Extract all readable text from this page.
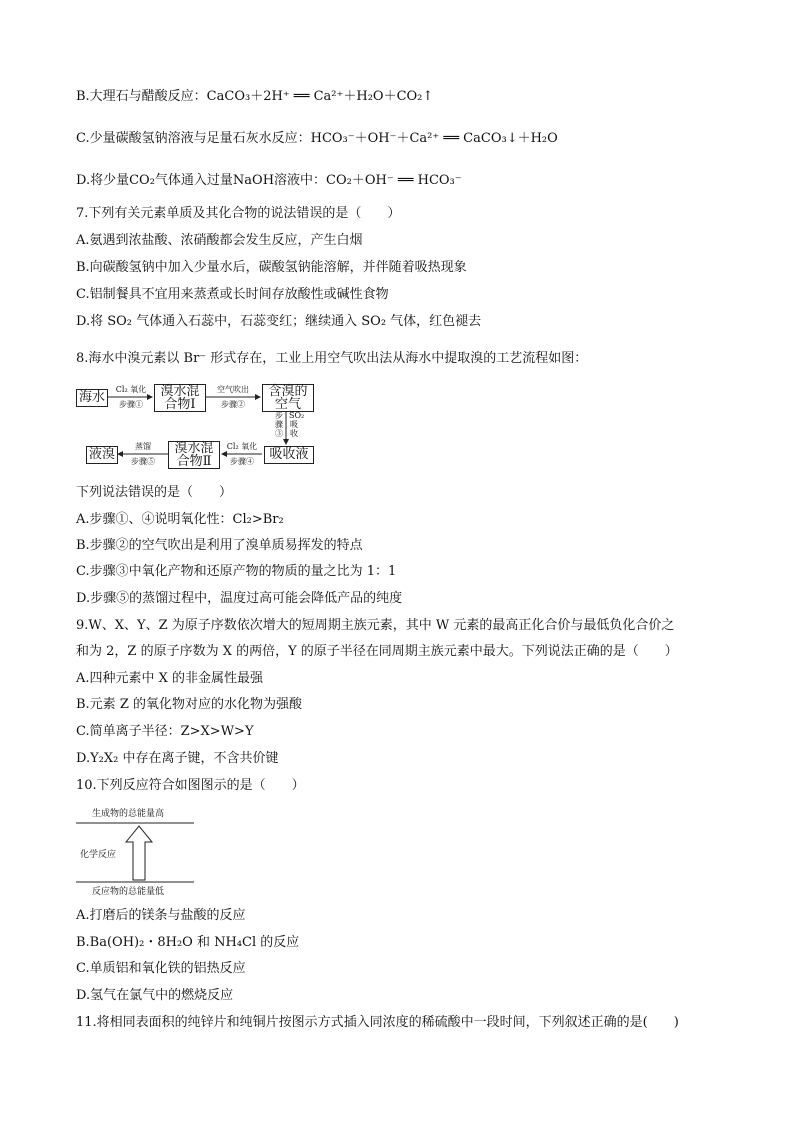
B.大理石与醋酸反应：CaCO₃＋2H⁺ ══ Ca²⁺＋H₂O＋CO₂↑
C.少量碳酸氢钠溶液与足量石灰水反应：HCO₃⁻＋OH⁻＋Ca²⁺ ══ CaCO₃↓＋H₂O
D.将少量CO₂气体通入过量NaOH溶液中：CO₂＋OH⁻ ══ HCO₃⁻
7.下列有关元素单质及其化合物的说法错误的是（　　）
A.氨遇到浓盐酸、浓硝酸都会发生反应，产生白烟
B.向碳酸氢钠中加入少量水后，碳酸氢钠能溶解，并伴随着吸热现象
C.铝制餐具不宜用来蒸煮或长时间存放酸性或碱性食物
D.将 SO₂ 气体通入石蕊中，石蕊变红；继续通入 SO₂ 气体，红色褪去
8.海水中溴元素以 Br⁻ 形式存在，工业上用空气吹出法从海水中提取溴的工艺流程如图：
海水	溴水混
合物Ⅰ
含溴的
空气
吸收液
溴水混
合物Ⅱ
液溴
Cl₂ 氧化
步骤①
空气吹出
步骤②
步骤③
SO₂吸收
Cl₂ 氧化
步骤④
蒸馏
步骤⑤
下列说法错误的是（　　）
A.步骤①、④说明氧化性：Cl₂>Br₂
B.步骤②的空气吹出是利用了溴单质易挥发的特点
C.步骤③中氧化产物和还原产物的物质的量之比为 1：1
D.步骤⑤的蒸馏过程中，温度过高可能会降低产品的纯度
9.W、X、Y、Z 为原子序数依次增大的短周期主族元素，其中 W 元素的最高正化合价与最低负化合价之
和为 2，Z 的原子序数为 X 的两倍，Y 的原子半径在同周期主族元素中最大。下列说法正确的是（　　）
A.四种元素中 X 的非金属性最强
B.元素 Z 的氧化物对应的水化物为强酸
C.简单离子半径：Z>X>W>Y
D.Y₂X₂ 中存在离子键，不含共价键
10.下列反应符合如图图示的是（　　）
生成物的总能量高
化学反应
反应物的总能量低
A.打磨后的镁条与盐酸的反应
B.Ba(OH)₂・8H₂O 和 NH₄Cl 的反应
C.单质铝和氧化铁的铝热反应
D.氢气在氯气中的燃烧反应
11.将相同表面积的纯锌片和纯铜片按图示方式插入同浓度的稀硫酸中一段时间，下列叙述正确的是(　　)
